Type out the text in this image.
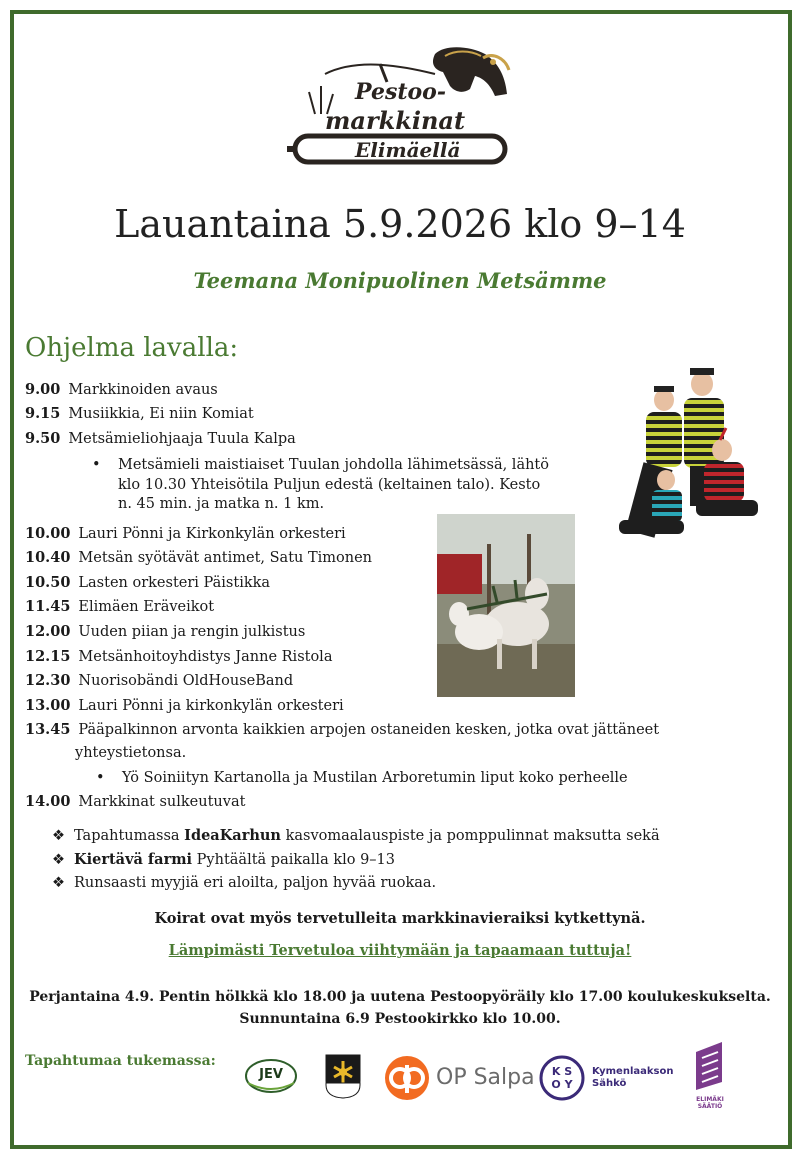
Pestoo-
markkinat
Elimäellä
Lauantaina 5.9.2026 klo 9–14
Teemana Monipuolinen Metsämme
Ohjelma lavalla:
9.00 Markkinoiden avaus
9.15 Musiikkia, Ei niin Komiat
9.50 Metsämieliohjaaja Tuula Kalpa
• Metsämieli maistiaiset Tuulan johdolla lähimetsässä, lähtö klo 10.30 Yhteisötila Puljun edestä (keltainen talo). Kesto n. 45 min. ja matka n. 1 km.
10.00 Lauri Pönni ja Kirkonkylän orkesteri
10.40 Metsän syötävät antimet, Satu Timonen
10.50 Lasten orkesteri Päistikka
11.45 Elimäen Eräveikot
12.00 Uuden piian ja rengin julkistus
12.15 Metsänhoitoyhdistys Janne Ristola
12.30 Nuorisobändi OldHouseBand
13.00 Lauri Pönni ja kirkonkylän orkesteri
13.45 Pääpalkinnon arvonta kaikkien arpojen ostaneiden kesken, jotka ovat jättäneet
yhteystietonsa.
• Yö Soiniityn Kartanolla ja Mustilan Arboretumin liput koko perheelle
14.00 Markkinat sulkeutuvat
❖ Tapahtumassa IdeaKarhun kasvomaalauspiste ja pomppulinnat maksutta sekä
❖ Kiertävä farmi Pyhtäältä paikalla klo 9–13
❖ Runsaasti myyjiä eri aloilta, paljon hyvää ruokaa.
Koirat ovat myös tervetulleita markkinavieraiksi kytkettynä.
Lämpimästi Tervetuloa viihtymään ja tapaamaan tuttuja!
Perjantaina 4.9. Pentin hölkkä klo 18.00 ja uutena Pestoopyöräily klo 17.00 koulukeskukselta.
Sunnuntaina 6.9 Pestookirkko klo 10.00.
Tapahtumaa tukemassa:
JEV	OP Salpa K S
O Y
Kymenlaakson
Sähkö
ELIMÄKI
SÄÄTIÖ
